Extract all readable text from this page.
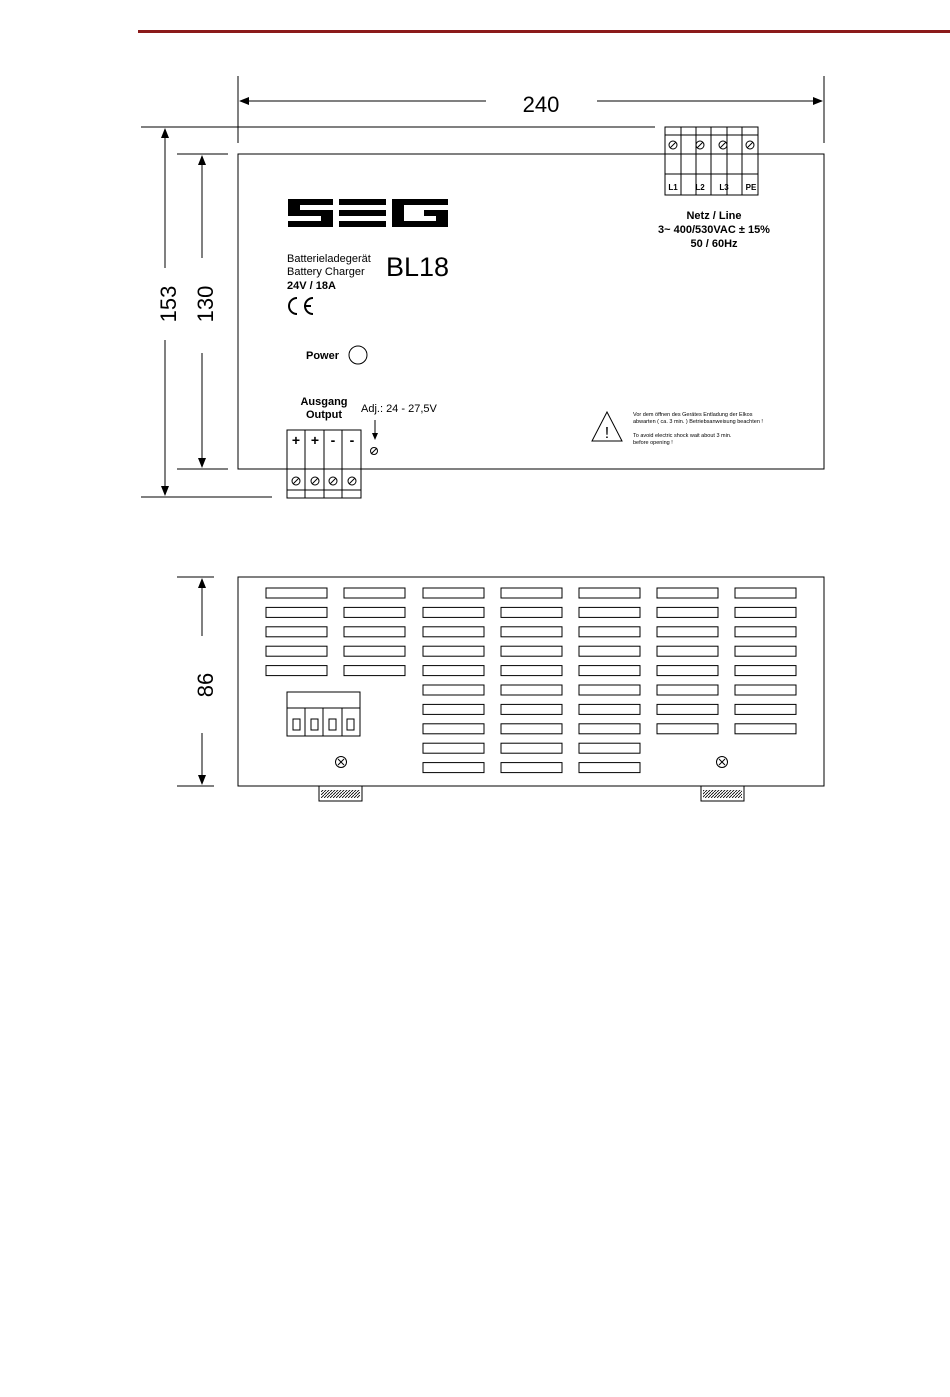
240
153 130
L1 L2 L3 PE
Netz / Line
3~ 400/530VAC ± 15%
50 / 60Hz
Batterieladegerät
Battery Charger
24V / 18A
BL18
Power
Ausgang
Output Adj.: 24 - 27,5V
+ + - -	!
Vor dem öffnen des Gerätes Entladung der Elkos
abwarten ( ca. 3 min. ) Betriebsanweisung beachten !
To avoid electric shock wait about 3 min.
before opening !
86
